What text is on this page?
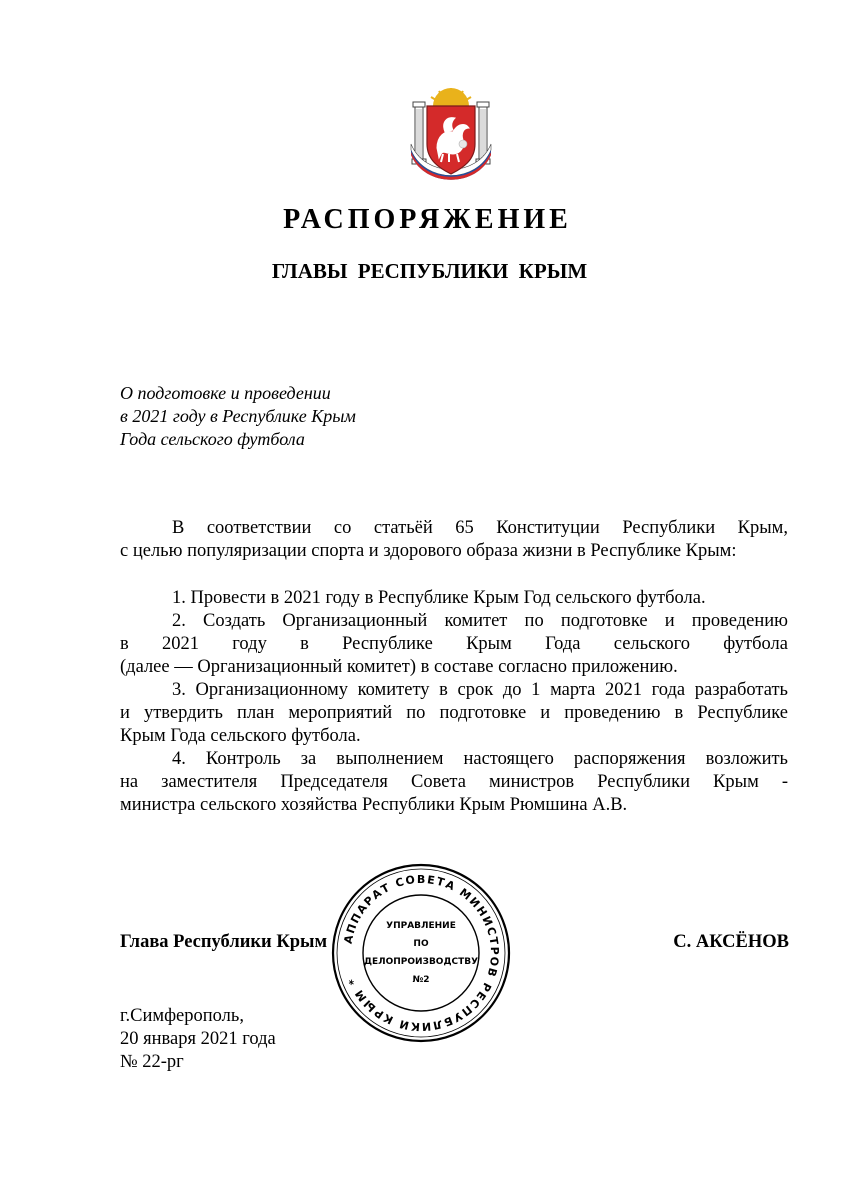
РАСПОРЯЖЕНИЕ
ГЛАВЫ РЕСПУБЛИКИ КРЫМ
О подготовке и проведении
в 2021 году в Республике Крым
Года сельского футбола
В соответствии со статьёй 65 Конституции Республики Крым,
с целью популяризации спорта и здорового образа жизни в Республике Крым:
1. Провести в 2021 году в Республике Крым Год сельского футбола.
2. Создать Организационный комитет по подготовке и проведению
в 2021 году в Республике Крым Года сельского футбола
(далее — Организационный комитет) в составе согласно приложению.
3. Организационному комитету в срок до 1 марта 2021 года разработать
и утвердить план мероприятий по подготовке и проведению в Республике
Крым Года сельского футбола.
4. Контроль за выполнением настоящего распоряжения возложить
на заместителя Председателя Совета министров Республики Крым -
министра сельского хозяйства Республики Крым Рюмшина А.В.
Глава Республики Крым	С. АКСЁНОВ
АППАРАТ СОВЕТА МИНИСТРОВ РЕСПУБЛИКИ КРЫМ *
УПРАВЛЕНИЕ
ПО
ДЕЛОПРОИЗВОДСТВУ
№2
г.Симферополь,
20 января 2021 года
№ 22-рг
